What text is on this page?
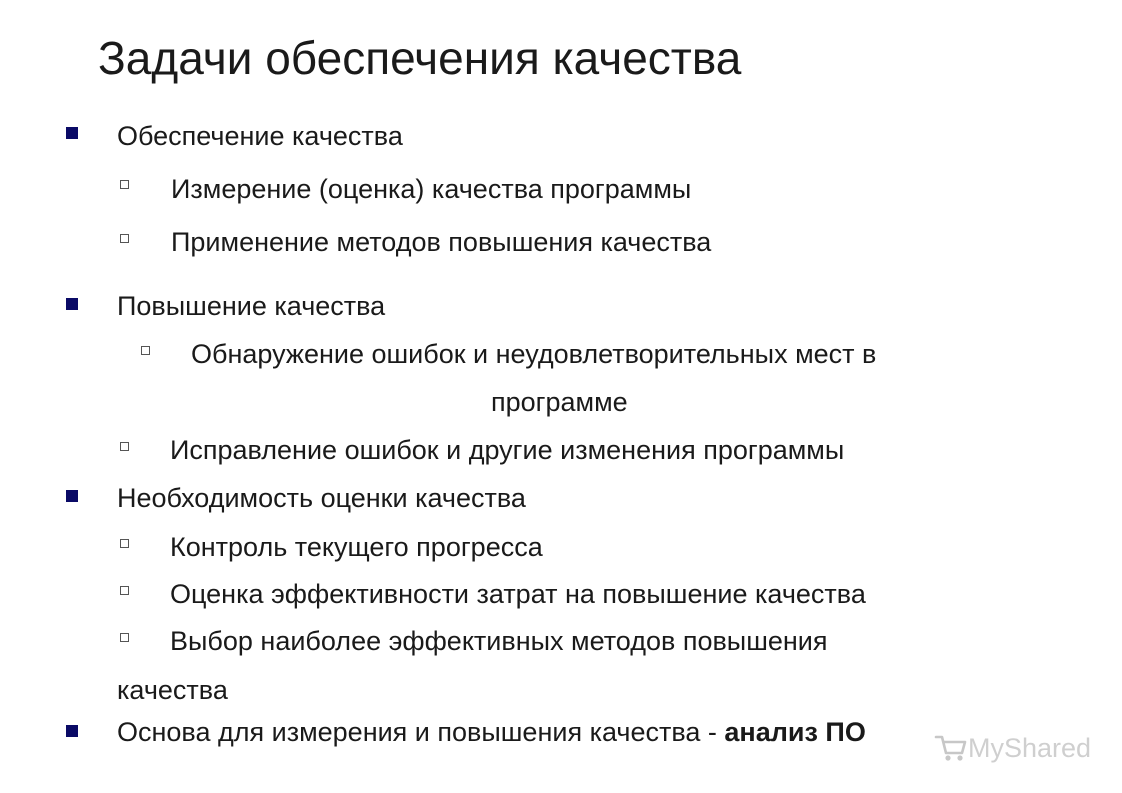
Задачи обеспечения качества
Обеспечение качества
Измерение (оценка) качества программы
Применение методов повышения качества
Повышение качества
Обнаружение ошибок и неудовлетворительных мест в
программе
Исправление ошибок и другие изменения программы
Необходимость оценки качества
Контроль текущего прогресса
Оценка эффективности затрат на повышение качества
Выбор наиболее эффективных методов повышения
качества
Основа для измерения и повышения качества - анализ ПО
MyShared
